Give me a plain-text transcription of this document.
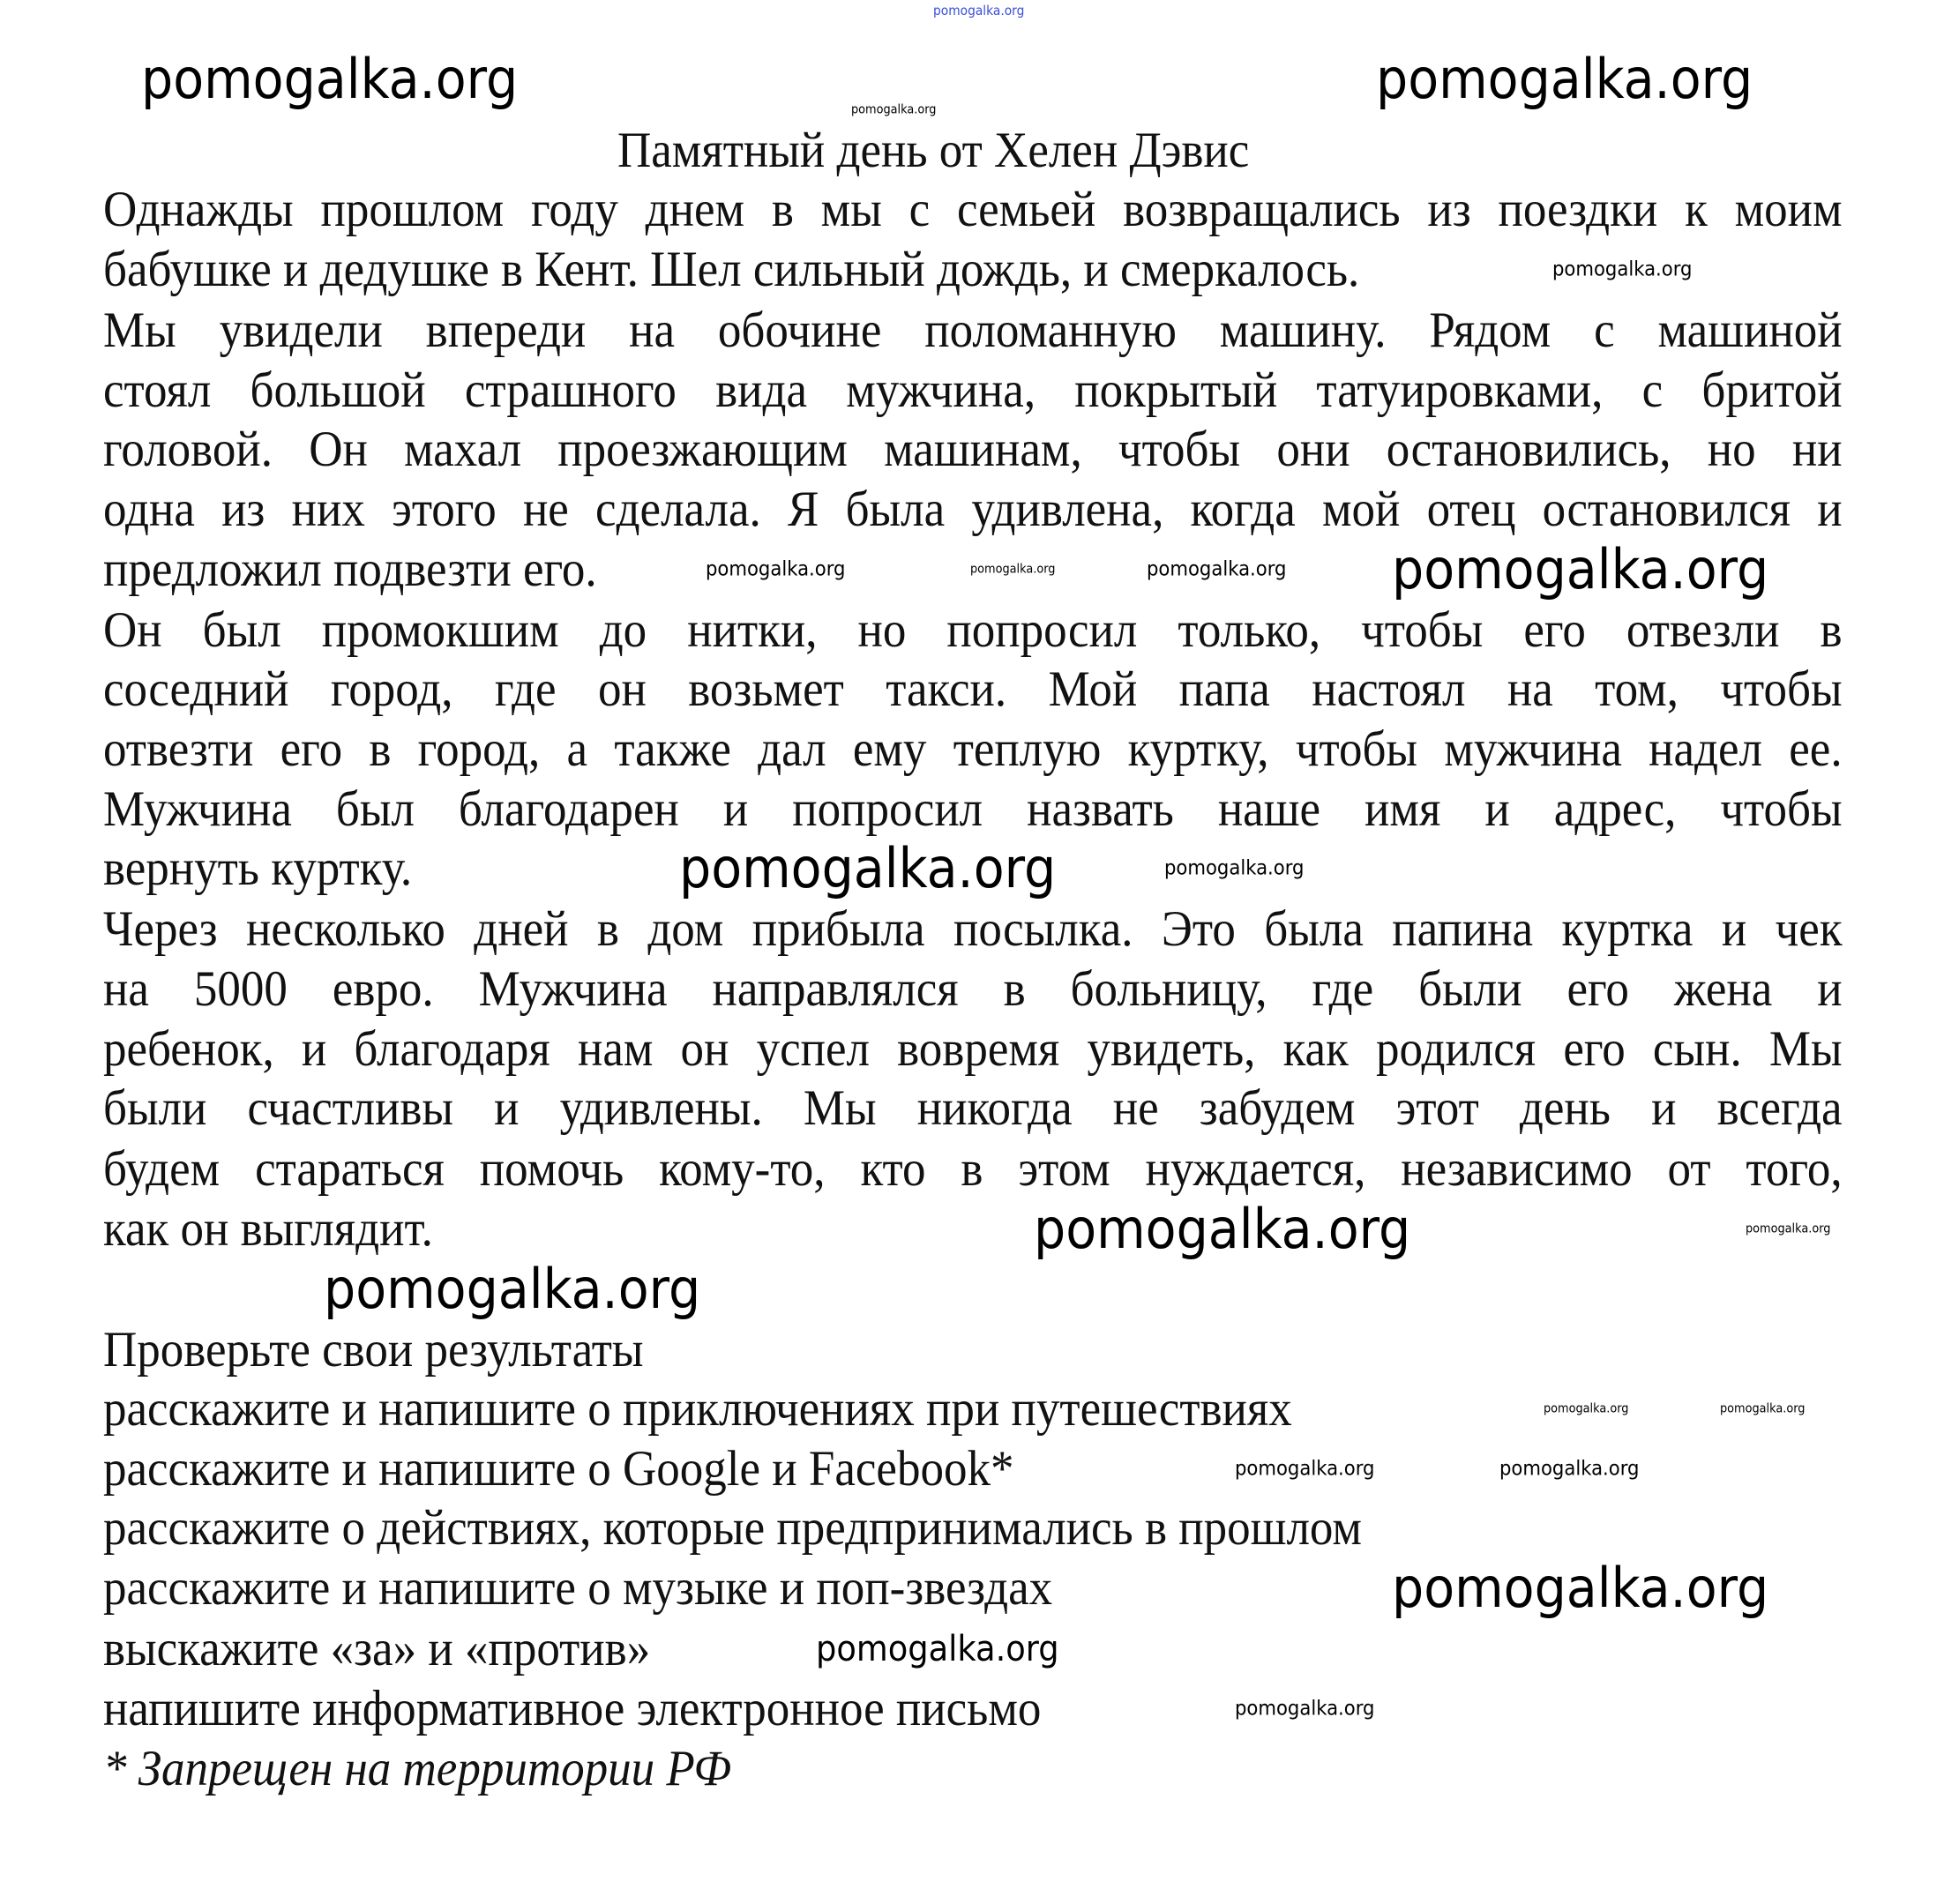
pomogalka.org
Памятный день от Хелен Дэвис
Однажды прошлом году днем в мы с семьей возвращались из поездки к моим
бабушке и дедушке в Кент. Шел сильный дождь, и смеркалось.
Мы увидели впереди на обочине поломанную машину. Рядом с машиной
стоял большой страшного вида мужчина, покрытый татуировками, с бритой
головой. Он махал проезжающим машинам, чтобы они остановились, но ни
одна из них этого не сделала. Я была удивлена, когда мой отец остановился и
предложил подвезти его.
Он был промокшим до нитки, но попросил только, чтобы его отвезли в
соседний город, где он возьмет такси. Мой папа настоял на том, чтобы
отвезти его в город, а также дал ему теплую куртку, чтобы мужчина надел ее.
Мужчина был благодарен и попросил назвать наше имя и адрес, чтобы
вернуть куртку.
Через несколько дней в дом прибыла посылка. Это была папина куртка и чек
на 5000 евро. Мужчина направлялся в больницу, где были его жена и
ребенок, и благодаря нам он успел вовремя увидеть, как родился его сын. Мы
были счастливы и удивлены. Мы никогда не забудем этот день и всегда
будем стараться помочь кому-то, кто в этом нуждается, независимо от того,
как он выглядит.
Проверьте свои результаты
расскажите и напишите о приключениях при путешествиях
расскажите и напишите о Google и Facebook*
расскажите о действиях, которые предпринимались в прошлом
расскажите и напишите о музыке и поп-звездах
выскажите «за» и «против»
напишите информативное электронное письмо
* Запрещен на территории РФ
pomogalka.org	pomogalka.org
pomogalka.org
pomogalka.org
pomogalka.org
pomogalka.org
pomogalka.org
pomogalka.org
pomogalka.org
pomogalka.org
pomogalka.org
pomogalka.org	pomogalka.org
pomogalka.org
pomogalka.org	pomogalka.org
pomogalka.org	pomogalka.org
pomogalka.org
pomogalka.org
